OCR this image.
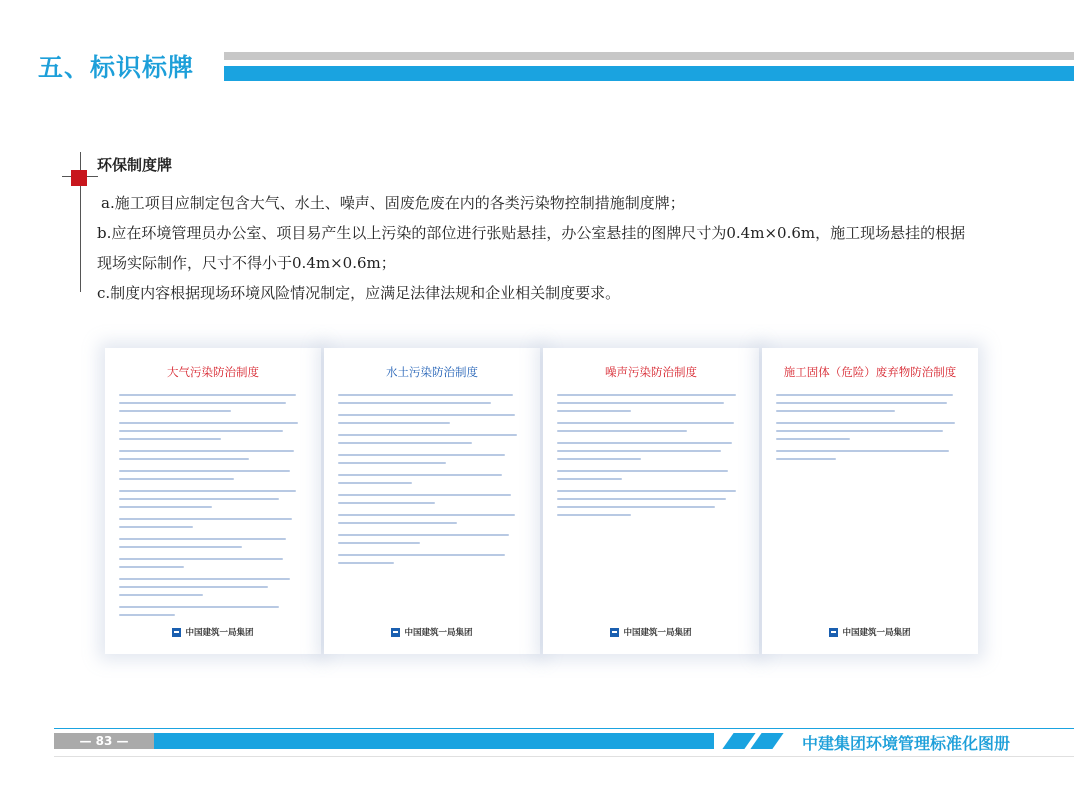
五、标识标牌
环保制度牌

a.施工项目应制定包含大气、水土、噪声、固废危废在内的各类污染物控制措施制度牌；

b.应在环境管理员办公室、项目易产生以上污染的部位进行张贴悬挂，办公室悬挂的图牌尺寸为0.4m×0.6m，施工现场悬挂的根据

现场实际制作，尺寸不得小于0.4m×0.6m；

c.制度内容根据现场环境风险情况制定，应满足法律法规和企业相关制度要求。

大气污染防治制度
中国建筑一局集团
水土污染防治制度
中国建筑一局集团
噪声污染防治制度
中国建筑一局集团
施工固体（危险）废弃物防治制度
中国建筑一局集团
— 83 —	中建集团环境管理标准化图册
